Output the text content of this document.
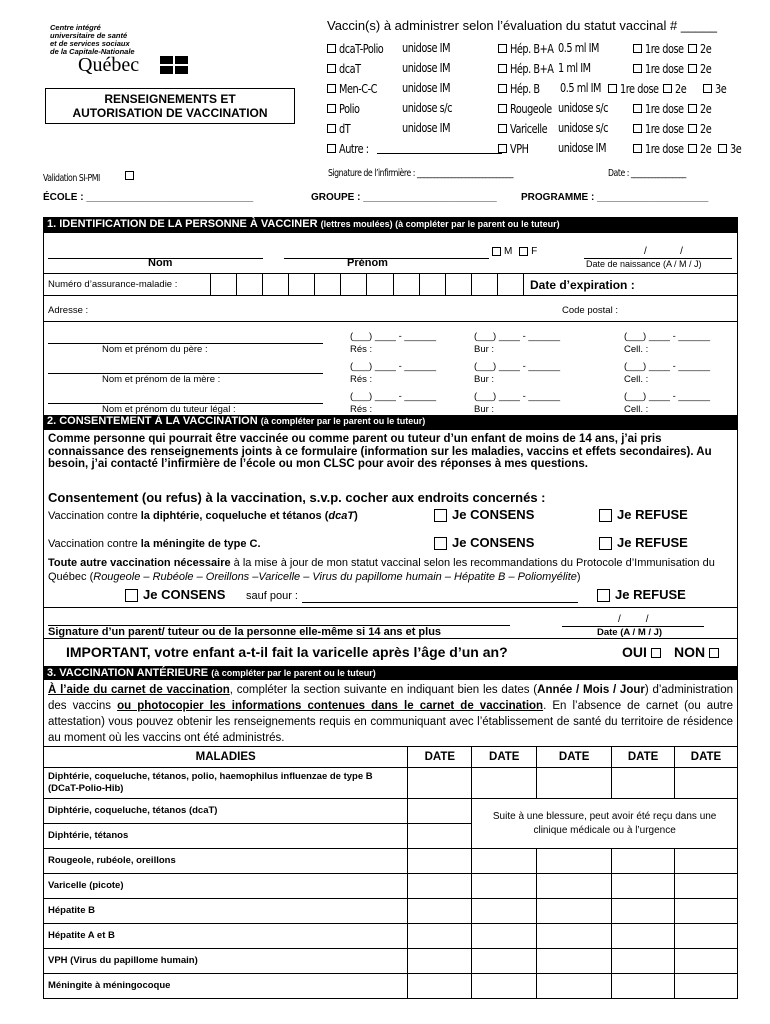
Centre intégré
universitaire de santé
et de services sociaux
de la Capitale-Nationale
Québec
RENSEIGNEMENTS ET
AUTORISATION DE VACCINATION
Vaccin(s) à administrer selon l’évaluation du statut vaccinal # _____
dcaT-Polio unidose IM
dcaT	unidose IM
Men-C-C unidose IM
Polio	unidose s/c
dT	unidose IM
Autre :
Hép. B+A 0.5 ml IM	1re dose	2e
Hép. B+A 1 ml IM	1re dose	2e
Hép. B 0.5 ml IM	1re dose	2e	3e
Rougeole unidose s/c	1re dose	2e
Varicelle unidose s/c	1re dose	2e
VPH unidose IM	1re dose	2e	3e
Validation SI-PMI	Signature de l’infirmière : ____________________________	Date : ________________
ÉCOLE : ______________________________	GROUPE : ________________________ PROGRAMME : ____________________
1. IDENTIFICATION DE LA PERSONNE À VACCINER (lettres moulées) (à compléter par le parent ou le tuteur)
Nom	Prénom
M F	/            /
Date de naissance (A / M / J)
Numéro d’assurance-maladie :	Date d’expiration :
Adresse :	Code postal :
Nom et prénom du père :
(___) ____ - ______
Rés :
(___) ____ - ______
Bur :
(___) ____ - ______
Cell. :
Nom et prénom de la mère :
(___) ____ - ______
Rés :
(___) ____ - ______
Bur :
(___) ____ - ______
Cell. :
Nom et prénom du tuteur légal :
(___) ____ - ______
Rés :
(___) ____ - ______
Bur :
(___) ____ - ______
Cell. :
2. CONSENTEMENT À LA VACCINATION (à compléter par le parent ou le tuteur)
Comme personne qui pourrait être vaccinée ou comme parent ou tuteur d’un enfant de moins de 14 ans, j’ai pris connaissance des renseignements joints à ce formulaire (information sur les maladies, vaccins et effets secondaires). Au besoin, j’ai contacté l’infirmière de l’école ou mon CLSC pour avoir des réponses à mes questions.
Consentement (ou refus) à la vaccination, s.v.p. cocher aux endroits concernés :
Vaccination contre la diphtérie, coqueluche et tétanos (dcaT)	Je CONSENS	Je REFUSE
Vaccination contre la méningite de type C.	Je CONSENS	Je REFUSE
Toute autre vaccination nécessaire à la mise à jour de mon statut vaccinal selon les recommandations du Protocole d’Immunisation du Québec (Rougeole – Rubéole – Oreillons –Varicelle – Virus du papillome humain – Hépatite B – Poliomyélite)
Je CONSENS sauf pour :	Je REFUSE
Signature d’un parent/ tuteur ou de la personne elle-même si 14 ans et plus
/         /
Date (A / M / J)
IMPORTANT, votre enfant a-t-il fait la varicelle après l’âge d’un an?	OUI	NON
3. VACCINATION ANTÉRIEURE (à compléter par le parent ou le tuteur)
À l’aide du carnet de vaccination, compléter la section suivante en indiquant bien les dates (Année / Mois / Jour) d’administration des vaccins ou photocopier les informations contenues dans le carnet de vaccination. En l’absence de carnet (ou autre attestation) vous pouvez obtenir les renseignements requis en communiquant avec l’établissement de santé du territoire de résidence au moment où les vaccins ont été administrés.
MALADIES	DATE	DATE	DATE	DATE	DATE
Diphtérie, coqueluche, tétanos, polio, haemophilus influenzae de type B (DCaT-Polio-Hib)					
Diphtérie, coqueluche, tétanos (dcaT)		Suite à une blessure, peut avoir été reçu dans une clinique médicale ou à l’urgence			
Diphtérie, tétanos					
Rougeole, rubéole, oreillons					
Varicelle (picote)					
Hépatite B					
Hépatite A et B					
VPH (Virus du papillome humain)					
Méningite à méningocoque					
